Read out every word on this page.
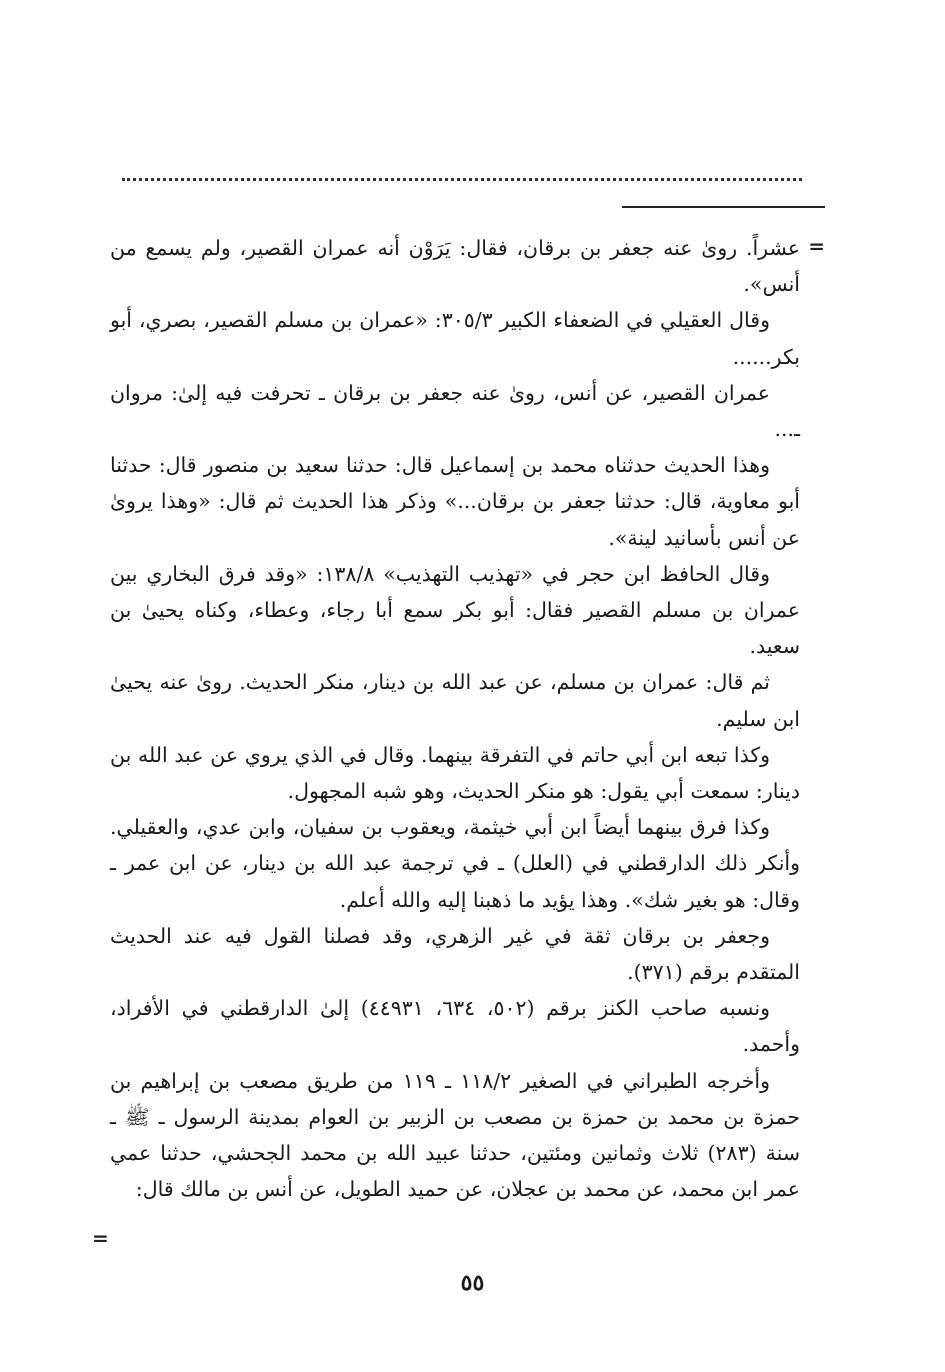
=

عشراً. روىٰ عنه جعفر بن برقان، فقال: يَرَوْن أنه عمران القصير، ولم يسمع من أنس».

وقال العقيلي في الضعفاء الكبير ٣٠٥/٣: «عمران بن مسلم القصير، بصري، أبو بكر......

عمران القصير، عن أنس، روىٰ عنه جعفر بن برقان ـ تحرفت فيه إلىٰ: مروان ـ...

وهذا الحديث حدثناه محمد بن إسماعيل قال: حدثنا سعيد بن منصور قال: حدثنا أبو معاوية، قال: حدثنا جعفر بن برقان...» وذكر هذا الحديث ثم قال: «وهذا يروىٰ عن أنس بأسانيد لينة».

وقال الحافظ ابن حجر في «تهذيب التهذيب» ١٣٨/٨: «وقد فرق البخاري بين عمران بن مسلم القصير فقال: أبو بكر سمع أبا رجاء، وعطاء، وكناه يحيىٰ بن سعيد.

ثم قال: عمران بن مسلم، عن عبد الله بن دينار، منكر الحديث. روىٰ عنه يحيىٰ ابن سليم.

وكذا تبعه ابن أبي حاتم في التفرقة بينهما. وقال في الذي يروي عن عبد الله بن دينار: سمعت أبي يقول: هو منكر الحديث، وهو شبه المجهول.

وكذا فرق بينهما أيضاً ابن أبي خيثمة، ويعقوب بن سفيان، وابن عدي، والعقيلي. وأنكر ذلك الدارقطني في (العلل) ـ في ترجمة عبد الله بن دينار، عن ابن عمر ـ وقال: هو بغير شك». وهذا يؤيد ما ذهبنا إليه والله أعلم.

وجعفر بن برقان ثقة في غير الزهري، وقد فصلنا القول فيه عند الحديث المتقدم برقم (٣٧١).

ونسبه صاحب الكنز برقم (٥٠٢، ٦٣٤، ٤٤٩٣١) إلىٰ الدارقطني في الأفراد، وأحمد.

وأخرجه الطبراني في الصغير ١١٨/٢ ـ ١١٩ من طريق مصعب بن إبراهيم بن حمزة بن محمد بن حمزة بن مصعب بن الزبير بن العوام بمدينة الرسول ـ ﷺ ـ سنة (٢٨٣) ثلاث وثمانين ومئتين، حدثنا عبيد الله بن محمد الجحشي، حدثنا عمي عمر ابن محمد، عن محمد بن عجلان، عن حميد الطويل، عن أنس بن مالك قال:

=
٥٥
